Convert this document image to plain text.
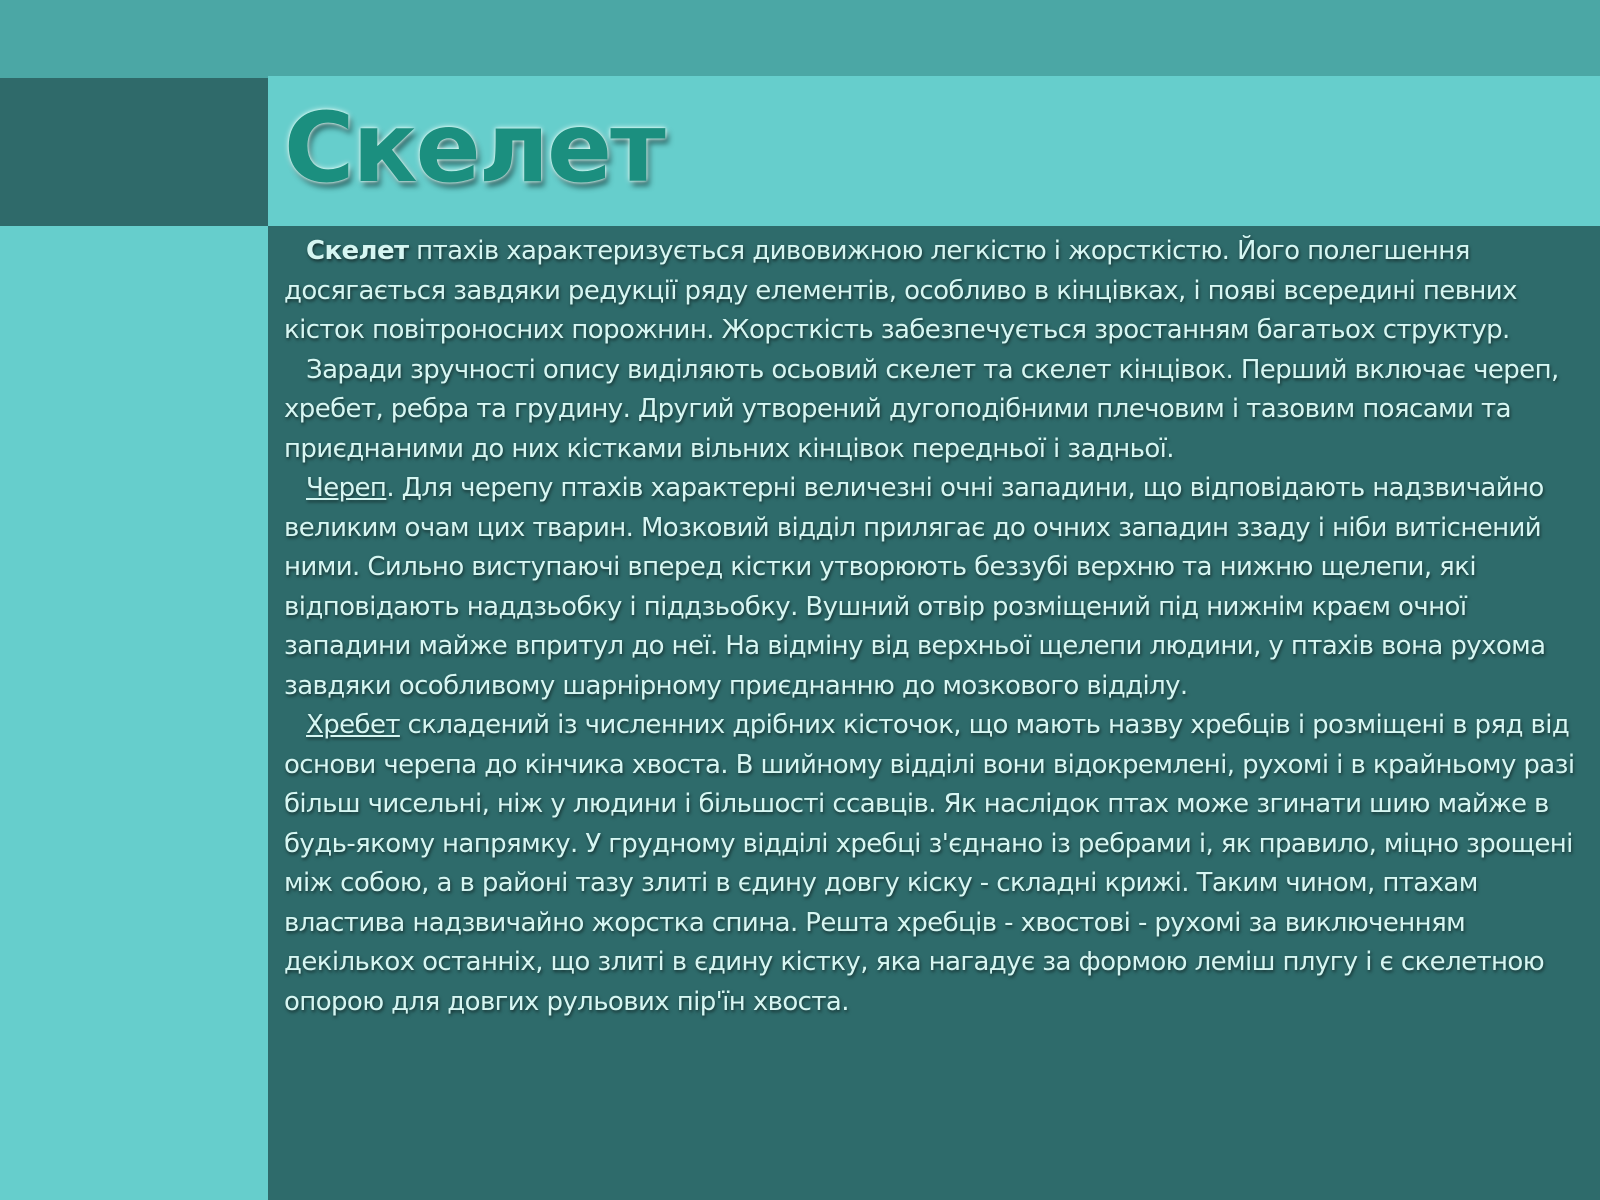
Скелет

Скелет птахів характеризується дивовижною легкістю і жорсткістю. Його полегшення досягається завдяки редукції ряду елементів, особливо в кінцівках, і появі всередині певних кісток повітроносних порожнин. Жорсткість забезпечується зростанням багатьох структур.

Заради зручності опису виділяють осьовий скелет та скелет кінцівок. Перший включає череп, хребет, ребра та грудину. Другий утворений дугоподібними плечовим і тазовим поясами та приєднаними до них кістками вільних кінцівок передньої і задньої.

Череп. Для черепу птахів характерні величезні очні западини, що відповідають надзвичайно великим очам цих тварин. Мозковий відділ прилягає до очних западин ззаду і ніби витіснений ними. Сильно виступаючі вперед кістки утворюють беззубі верхню та нижню щелепи, які відповідають наддзьобку і піддзьобку. Вушний отвір розміщений під нижнім краєм очної западини майже впритул до неї. На відміну від верхньої щелепи людини, у птахів вона рухома завдяки особливому шарнірному приєднанню до мозкового відділу.

Хребет складений із численних дрібних кісточок, що мають назву хребців і розміщені в ряд від основи черепа до кінчика хвоста. В шийному відділі вони відокремлені, рухомі і в крайньому разі більш чисельні, ніж у людини і більшості ссавців. Як наслідок птах може згинати шию майже в будь-якому напрямку. У грудному відділі хребці з'єднано із ребрами і, як правило, міцно зрощені між собою, а в районі тазу злиті в єдину довгу кіску - складні крижі. Таким чином, птахам властива надзвичайно жорстка спина. Решта хребців - хвостові - рухомі за виключенням декількох останніх, що злиті в єдину кістку, яка нагадує за формою леміш плугу і є скелетною опорою для довгих рульових пір'їн хвоста.
